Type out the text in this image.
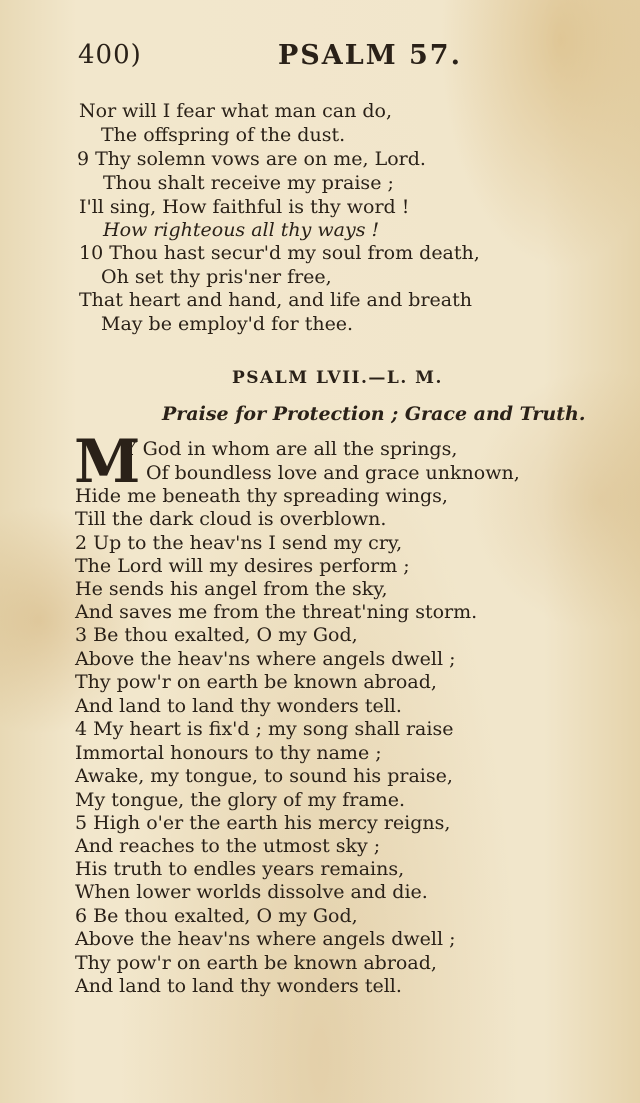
400)	PSALM 57.
Nor will I fear what man can do,
The offspring of the dust.
9 Thy solemn vows are on me, Lord.
Thou shalt receive my praise ;
I'll sing, How faithful is thy word !
How righteous all thy ways !
10 Thou hast secur'd my soul from death,
Oh set thy pris'ner free,
That heart and hand, and life and breath
May be employ'd for thee.
PSALM LVII.—L. M.
Praise for Protection ; Grace and Truth.
M
Y God in whom are all the springs,
Of boundless love and grace unknown,
Hide me beneath thy spreading wings,
Till the dark cloud is overblown.
2 Up to the heav'ns I send my cry,
The Lord will my desires perform ;
He sends his angel from the sky,
And saves me from the threat'ning storm.
3 Be thou exalted, O my God,
Above the heav'ns where angels dwell ;
Thy pow'r on earth be known abroad,
And land to land thy wonders tell.
4 My heart is fix'd ; my song shall raise
Immortal honours to thy name ;
Awake, my tongue, to sound his praise,
My tongue, the glory of my frame.
5 High o'er the earth his mercy reigns,
And reaches to the utmost sky ;
His truth to endles years remains,
When lower worlds dissolve and die.
6 Be thou exalted, O my God,
Above the heav'ns where angels dwell ;
Thy pow'r on earth be known abroad,
And land to land thy wonders tell.
